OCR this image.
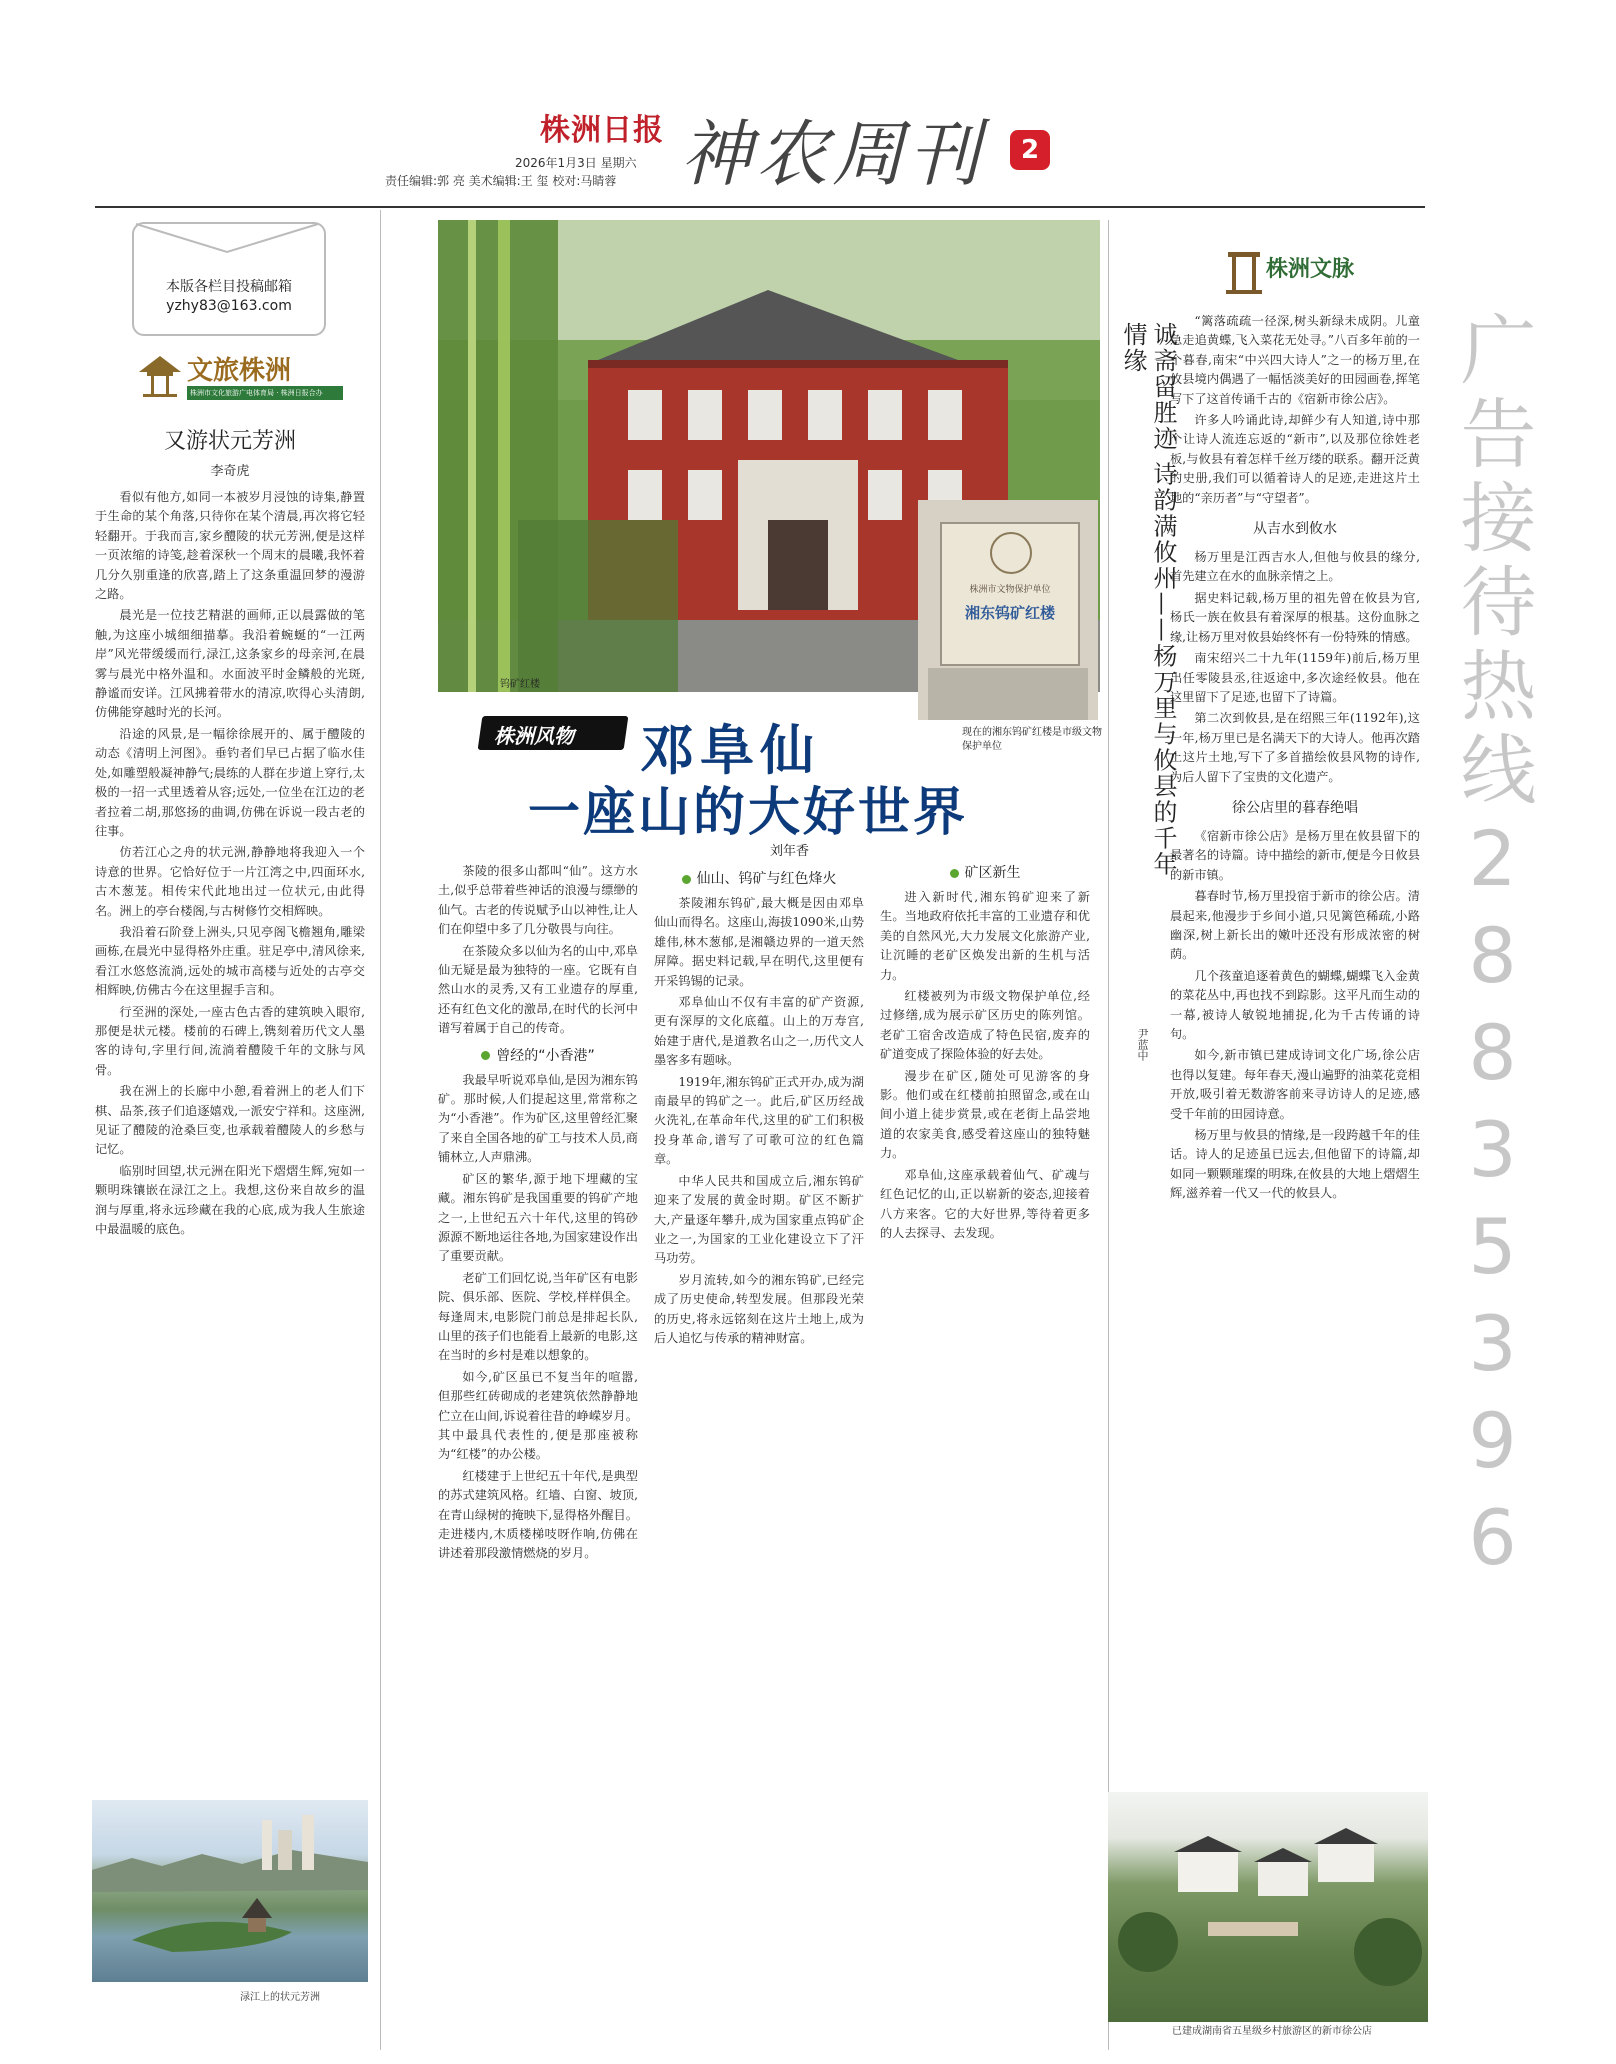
株洲日报 神农周刊	2
2026年1月3日 星期六
责任编辑:郭 亮 美术编辑:王 玺 校对:马睛蓉
本版各栏目投稿邮箱
yzhy83@163.com
文旅株洲
株洲市文化旅游广电体育局 · 株洲日报合办
又游状元芳洲
李奇虎

看似有他方,如同一本被岁月浸蚀的诗集,静置于生命的某个角落,只待你在某个清晨,再次将它轻轻翻开。于我而言,家乡醴陵的状元芳洲,便是这样一页浓缩的诗笺,趁着深秋一个周末的晨曦,我怀着几分久别重逢的欣喜,踏上了这条重温回梦的漫游之路。

晨光是一位技艺精湛的画师,正以晨露做的笔触,为这座小城细细描摹。我沿着蜿蜒的“一江两岸”风光带缓缓而行,渌江,这条家乡的母亲河,在晨雾与晨光中格外温和。水面波平时金鳞般的光斑,静谧而安详。江风拂着带水的清凉,吹得心头清朗,仿佛能穿越时光的长河。

沿途的风景,是一幅徐徐展开的、属于醴陵的动态《清明上河图》。垂钓者们早已占据了临水佳处,如雕塑般凝神静气;晨练的人群在步道上穿行,太极的一招一式里透着从容;远处,一位坐在江边的老者拉着二胡,那悠扬的曲调,仿佛在诉说一段古老的往事。

仿若江心之舟的状元洲,静静地将我迎入一个诗意的世界。它恰好位于一片江湾之中,四面环水,古木葱茏。相传宋代此地出过一位状元,由此得名。洲上的亭台楼阁,与古树修竹交相辉映。

我沿着石阶登上洲头,只见亭阁飞檐翘角,雕梁画栋,在晨光中显得格外庄重。驻足亭中,清风徐来,看江水悠悠流淌,远处的城市高楼与近处的古亭交相辉映,仿佛古今在这里握手言和。

行至洲的深处,一座古色古香的建筑映入眼帘,那便是状元楼。楼前的石碑上,镌刻着历代文人墨客的诗句,字里行间,流淌着醴陵千年的文脉与风骨。

我在洲上的长廊中小憩,看着洲上的老人们下棋、品茶,孩子们追逐嬉戏,一派安宁祥和。这座洲,见证了醴陵的沧桑巨变,也承载着醴陵人的乡愁与记忆。

临别时回望,状元洲在阳光下熠熠生辉,宛如一颗明珠镶嵌在渌江之上。我想,这份来自故乡的温润与厚重,将永远珍藏在我的心底,成为我人生旅途中最温暖的底色。

渌江上的状元芳洲
钨矿红楼
株洲市文物保护单位
湘东钨矿红楼
现在的湘东钨矿红楼是市级文物保护单位
株洲风物 邓阜仙
一座山的大好世界
刘年香

茶陵的很多山都叫“仙”。这方水土,似乎总带着些神话的浪漫与缥缈的仙气。古老的传说赋予山以神性,让人们在仰望中多了几分敬畏与向往。

在茶陵众多以仙为名的山中,邓阜仙无疑是最为独特的一座。它既有自然山水的灵秀,又有工业遗存的厚重,还有红色文化的激昂,在时代的长河中谱写着属于自己的传奇。

曾经的“小香港”

我最早听说邓阜仙,是因为湘东钨矿。那时候,人们提起这里,常常称之为“小香港”。作为矿区,这里曾经汇聚了来自全国各地的矿工与技术人员,商铺林立,人声鼎沸。

矿区的繁华,源于地下埋藏的宝藏。湘东钨矿是我国重要的钨矿产地之一,上世纪五六十年代,这里的钨砂源源不断地运往各地,为国家建设作出了重要贡献。

老矿工们回忆说,当年矿区有电影院、俱乐部、医院、学校,样样俱全。每逢周末,电影院门前总是排起长队,山里的孩子们也能看上最新的电影,这在当时的乡村是难以想象的。

如今,矿区虽已不复当年的喧嚣,但那些红砖砌成的老建筑依然静静地伫立在山间,诉说着往昔的峥嵘岁月。其中最具代表性的,便是那座被称为“红楼”的办公楼。

红楼建于上世纪五十年代,是典型的苏式建筑风格。红墙、白窗、坡顶,在青山绿树的掩映下,显得格外醒目。走进楼内,木质楼梯吱呀作响,仿佛在讲述着那段激情燃烧的岁月。

仙山、钨矿与红色烽火

茶陵湘东钨矿,最大概是因由邓阜仙山而得名。这座山,海拔1090米,山势雄伟,林木葱郁,是湘赣边界的一道天然屏障。据史料记载,早在明代,这里便有开采钨锡的记录。

邓阜仙山不仅有丰富的矿产资源,更有深厚的文化底蕴。山上的万寿宫,始建于唐代,是道教名山之一,历代文人墨客多有题咏。

1919年,湘东钨矿正式开办,成为湖南最早的钨矿之一。此后,矿区历经战火洗礼,在革命年代,这里的矿工们积极投身革命,谱写了可歌可泣的红色篇章。

中华人民共和国成立后,湘东钨矿迎来了发展的黄金时期。矿区不断扩大,产量逐年攀升,成为国家重点钨矿企业之一,为国家的工业化建设立下了汗马功劳。

岁月流转,如今的湘东钨矿,已经完成了历史使命,转型发展。但那段光荣的历史,将永远铭刻在这片土地上,成为后人追忆与传承的精神财富。

矿区新生

进入新时代,湘东钨矿迎来了新生。当地政府依托丰富的工业遗存和优美的自然风光,大力发展文化旅游产业,让沉睡的老矿区焕发出新的生机与活力。

红楼被列为市级文物保护单位,经过修缮,成为展示矿区历史的陈列馆。老矿工宿舍改造成了特色民宿,废弃的矿道变成了探险体验的好去处。

漫步在矿区,随处可见游客的身影。他们或在红楼前拍照留念,或在山间小道上徒步赏景,或在老街上品尝地道的农家美食,感受着这座山的独特魅力。

邓阜仙,这座承载着仙气、矿魂与红色记忆的山,正以崭新的姿态,迎接着八方来客。它的大好世界,等待着更多的人去探寻、去发现。

诚斋留胜迹 诗韵满攸州——杨万里与攸县的千年情缘
尹蓝中
株洲文脉

“篱落疏疏一径深,树头新绿未成阴。儿童急走追黄蝶,飞入菜花无处寻。”八百多年前的一个暮春,南宋“中兴四大诗人”之一的杨万里,在攸县境内偶遇了一幅恬淡美好的田园画卷,挥笔写下了这首传诵千古的《宿新市徐公店》。

许多人吟诵此诗,却鲜少有人知道,诗中那个让诗人流连忘返的“新市”,以及那位徐姓老板,与攸县有着怎样千丝万缕的联系。翻开泛黄的史册,我们可以循着诗人的足迹,走进这片土地的“亲历者”与“守望者”。

从吉水到攸水

杨万里是江西吉水人,但他与攸县的缘分,首先建立在水的血脉亲情之上。

据史料记载,杨万里的祖先曾在攸县为官,杨氏一族在攸县有着深厚的根基。这份血脉之缘,让杨万里对攸县始终怀有一份特殊的情感。

南宋绍兴二十九年(1159年)前后,杨万里出任零陵县丞,往返途中,多次途经攸县。他在这里留下了足迹,也留下了诗篇。

第二次到攸县,是在绍熙三年(1192年),这一年,杨万里已是名满天下的大诗人。他再次踏上这片土地,写下了多首描绘攸县风物的诗作,为后人留下了宝贵的文化遗产。

徐公店里的暮春绝唱

《宿新市徐公店》是杨万里在攸县留下的最著名的诗篇。诗中描绘的新市,便是今日攸县的新市镇。

暮春时节,杨万里投宿于新市的徐公店。清晨起来,他漫步于乡间小道,只见篱笆稀疏,小路幽深,树上新长出的嫩叶还没有形成浓密的树荫。

几个孩童追逐着黄色的蝴蝶,蝴蝶飞入金黄的菜花丛中,再也找不到踪影。这平凡而生动的一幕,被诗人敏锐地捕捉,化为千古传诵的诗句。

如今,新市镇已建成诗词文化广场,徐公店也得以复建。每年春天,漫山遍野的油菜花竞相开放,吸引着无数游客前来寻访诗人的足迹,感受千年前的田园诗意。

杨万里与攸县的情缘,是一段跨越千年的佳话。诗人的足迹虽已远去,但他留下的诗篇,却如同一颗颗璀璨的明珠,在攸县的大地上熠熠生辉,滋养着一代又一代的攸县人。

已建成湖南省五星级乡村旅游区的新市徐公店
广告接待热线28835396
